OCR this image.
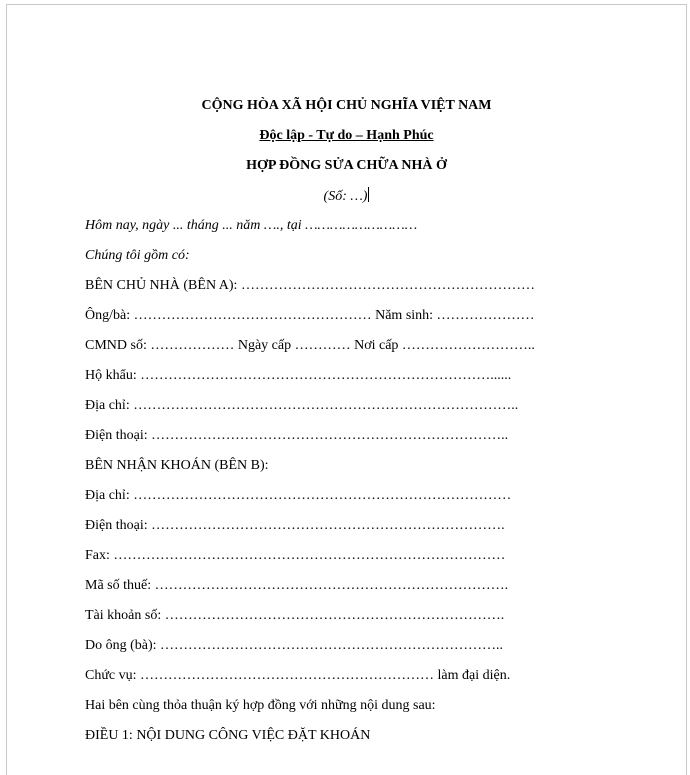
CỘNG HÒA XÃ HỘI CHỦ NGHĨA VIỆT NAM
Độc lập - Tự do – Hạnh Phúc
HỢP ĐỒNG SỬA CHỮA NHÀ Ở
(Số: …)
Hôm nay, ngày ... tháng ... năm …., tại ………………………
Chúng tôi gồm có:
BÊN CHỦ NHÀ (BÊN A): ………………………………………………………
Ông/bà: …………………………………………… Năm sinh: …………………
CMND số: ……………… Ngày cấp ………… Nơi cấp ………………………..
Hộ khẩu: …………………………………………………………………......
Địa chỉ: ………………………………………………………………………..
Điện thoại: …………………………………………………………………..
BÊN NHẬN KHOÁN (BÊN B):
Địa chỉ: ………………………………………………………………………
Điện thoại: ………………………………………………………………….
Fax: …………………………………………………………………………
Mã số thuế: ………………………………………………………………….
Tài khoản số: ……………………………………………………………….
Do ông (bà): ………………………………………………………………..
Chức vụ: ……………………………………………………… làm đại diện.
Hai bên cùng thỏa thuận ký hợp đồng với những nội dung sau:
ĐIỀU 1: NỘI DUNG CÔNG VIỆC ĐẶT KHOÁN
